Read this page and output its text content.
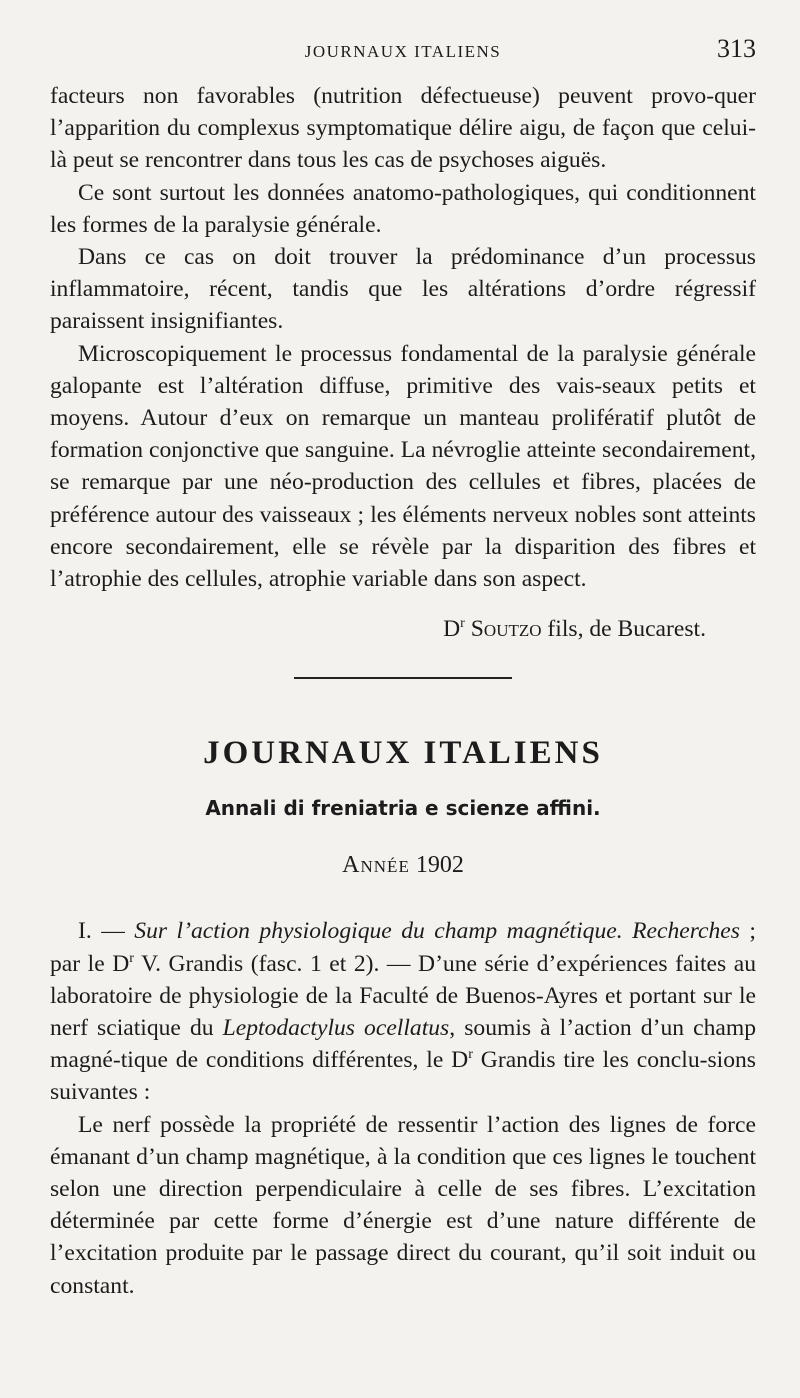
JOURNAUX ITALIENS	313

facteurs non favorables (nutrition défectueuse) peuvent provo-quer l’apparition du complexus symptomatique délire aigu, de façon que celui-là peut se rencontrer dans tous les cas de psychoses aiguës.

Ce sont surtout les données anatomo-pathologiques, qui conditionnent les formes de la paralysie générale.

Dans ce cas on doit trouver la prédominance d’un processus inflammatoire, récent, tandis que les altérations d’ordre régressif paraissent insignifiantes.

Microscopiquement le processus fondamental de la paralysie générale galopante est l’altération diffuse, primitive des vais-seaux petits et moyens. Autour d’eux on remarque un manteau prolifératif plutôt de formation conjonctive que sanguine. La névroglie atteinte secondairement, se remarque par une néo-production des cellules et fibres, placées de préférence autour des vaisseaux ; les éléments nerveux nobles sont atteints encore secondairement, elle se révèle par la disparition des fibres et l’atrophie des cellules, atrophie variable dans son aspect.

$D^r$ Soutzo fils, de Bucarest.
JOURNAUX ITALIENS
Annali di freniatria e scienze affini.
Année 1902

I. — Sur l’action physiologique du champ magnétique. Recherches ; par le $D^r$ V. Grandis (fasc. 1 et 2). — D’une série d’expériences faites au laboratoire de physiologie de la Faculté de Buenos-Ayres et portant sur le nerf sciatique du Leptodactylus ocellatus, soumis à l’action d’un champ magné-tique de conditions différentes, le $D^r$ Grandis tire les conclu-sions suivantes :

Le nerf possède la propriété de ressentir l’action des lignes de force émanant d’un champ magnétique, à la condition que ces lignes le touchent selon une direction perpendiculaire à celle de ses fibres. L’excitation déterminée par cette forme d’énergie est d’une nature différente de l’excitation produite par le passage direct du courant, qu’il soit induit ou constant.
